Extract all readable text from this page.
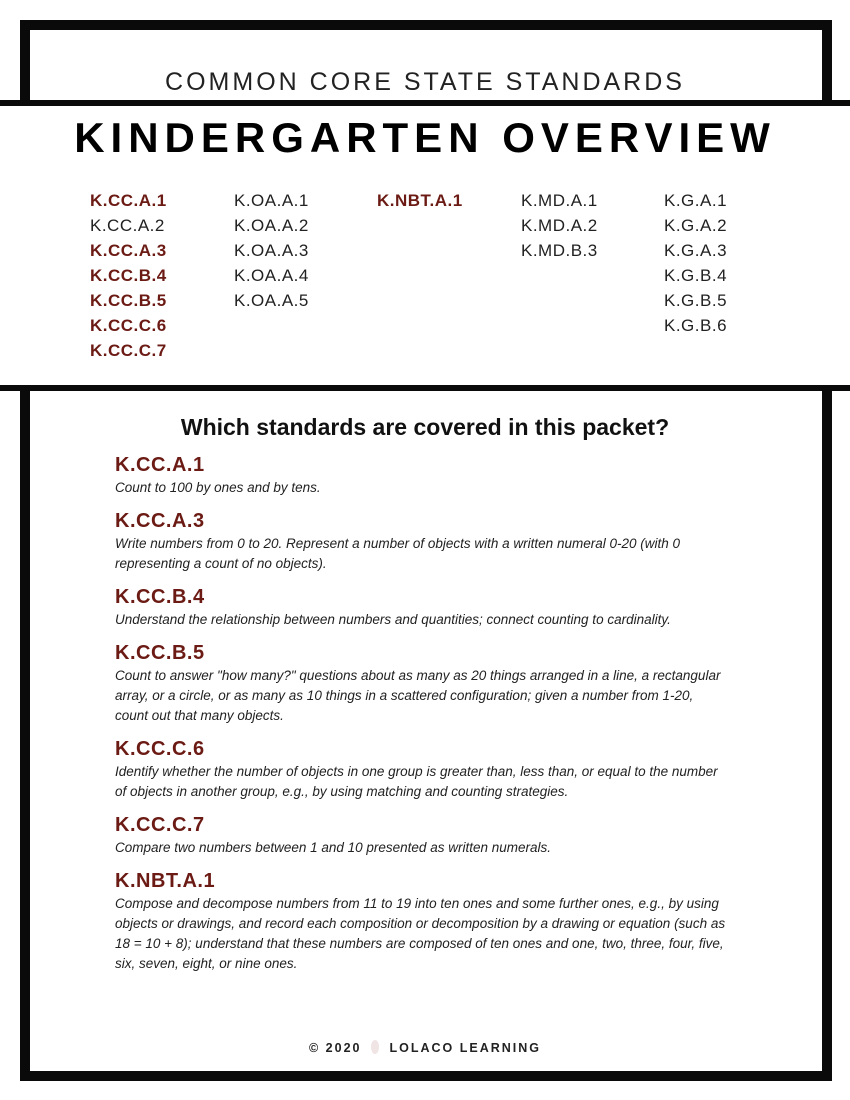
COMMON CORE STATE STANDARDS
KINDERGARTEN OVERVIEW
K.CC.A.1
K.CC.A.2
K.CC.A.3
K.CC.B.4
K.CC.B.5
K.CC.C.6
K.CC.C.7
K.OA.A.1
K.OA.A.2
K.OA.A.3
K.OA.A.4
K.OA.A.5
K.NBT.A.1	K.MD.A.1
K.MD.A.2
K.MD.B.3
K.G.A.1
K.G.A.2
K.G.A.3
K.G.B.4
K.G.B.5
K.G.B.6
Which standards are covered in this packet?
K.CC.A.1
Count to 100 by ones and by tens.
K.CC.A.3
Write numbers from 0 to 20. Represent a number of objects with a written numeral 0-20 (with 0 representing a count of no objects).
K.CC.B.4
Understand the relationship between numbers and quantities; connect counting to cardinality.
K.CC.B.5
Count to answer "how many?" questions about as many as 20 things arranged in a line, a rectangular array, or a circle, or as many as 10 things in a scattered configuration; given a number from 1-20, count out that many objects.
K.CC.C.6
Identify whether the number of objects in one group is greater than, less than, or equal to the number of objects in another group, e.g., by using matching and counting strategies.
K.CC.C.7
Compare two numbers between 1 and 10 presented as written numerals.
K.NBT.A.1
Compose and decompose numbers from 11 to 19 into ten ones and some further ones, e.g., by using objects or drawings, and record each composition or decomposition by a drawing or equation (such as 18 = 10 + 8); understand that these numbers are composed of ten ones and one, two, three, four, five, six, seven, eight, or nine ones.
© 2020 LOLACO LEARNING
